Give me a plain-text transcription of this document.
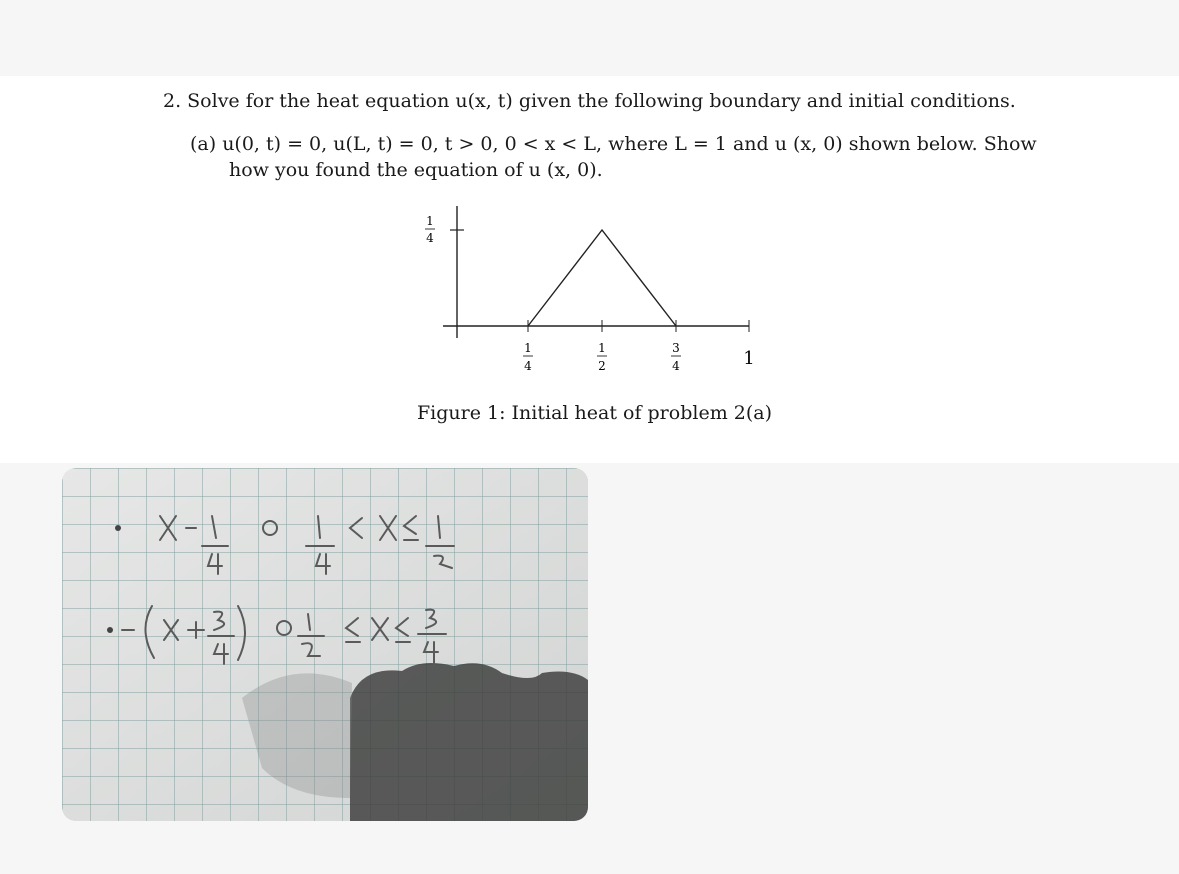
2. Solve for the heat equation u(x, t) given the following boundary and initial conditions.
(a) u(0, t) = 0, u(L, t) = 0, t > 0, 0 < x < L, where L = 1 and u (x, 0) shown below. Show
how you found the equation of u (x, 0).
1
4
1
4
1
2
3
4	1
Figure 1: Initial heat of problem 2(a)
